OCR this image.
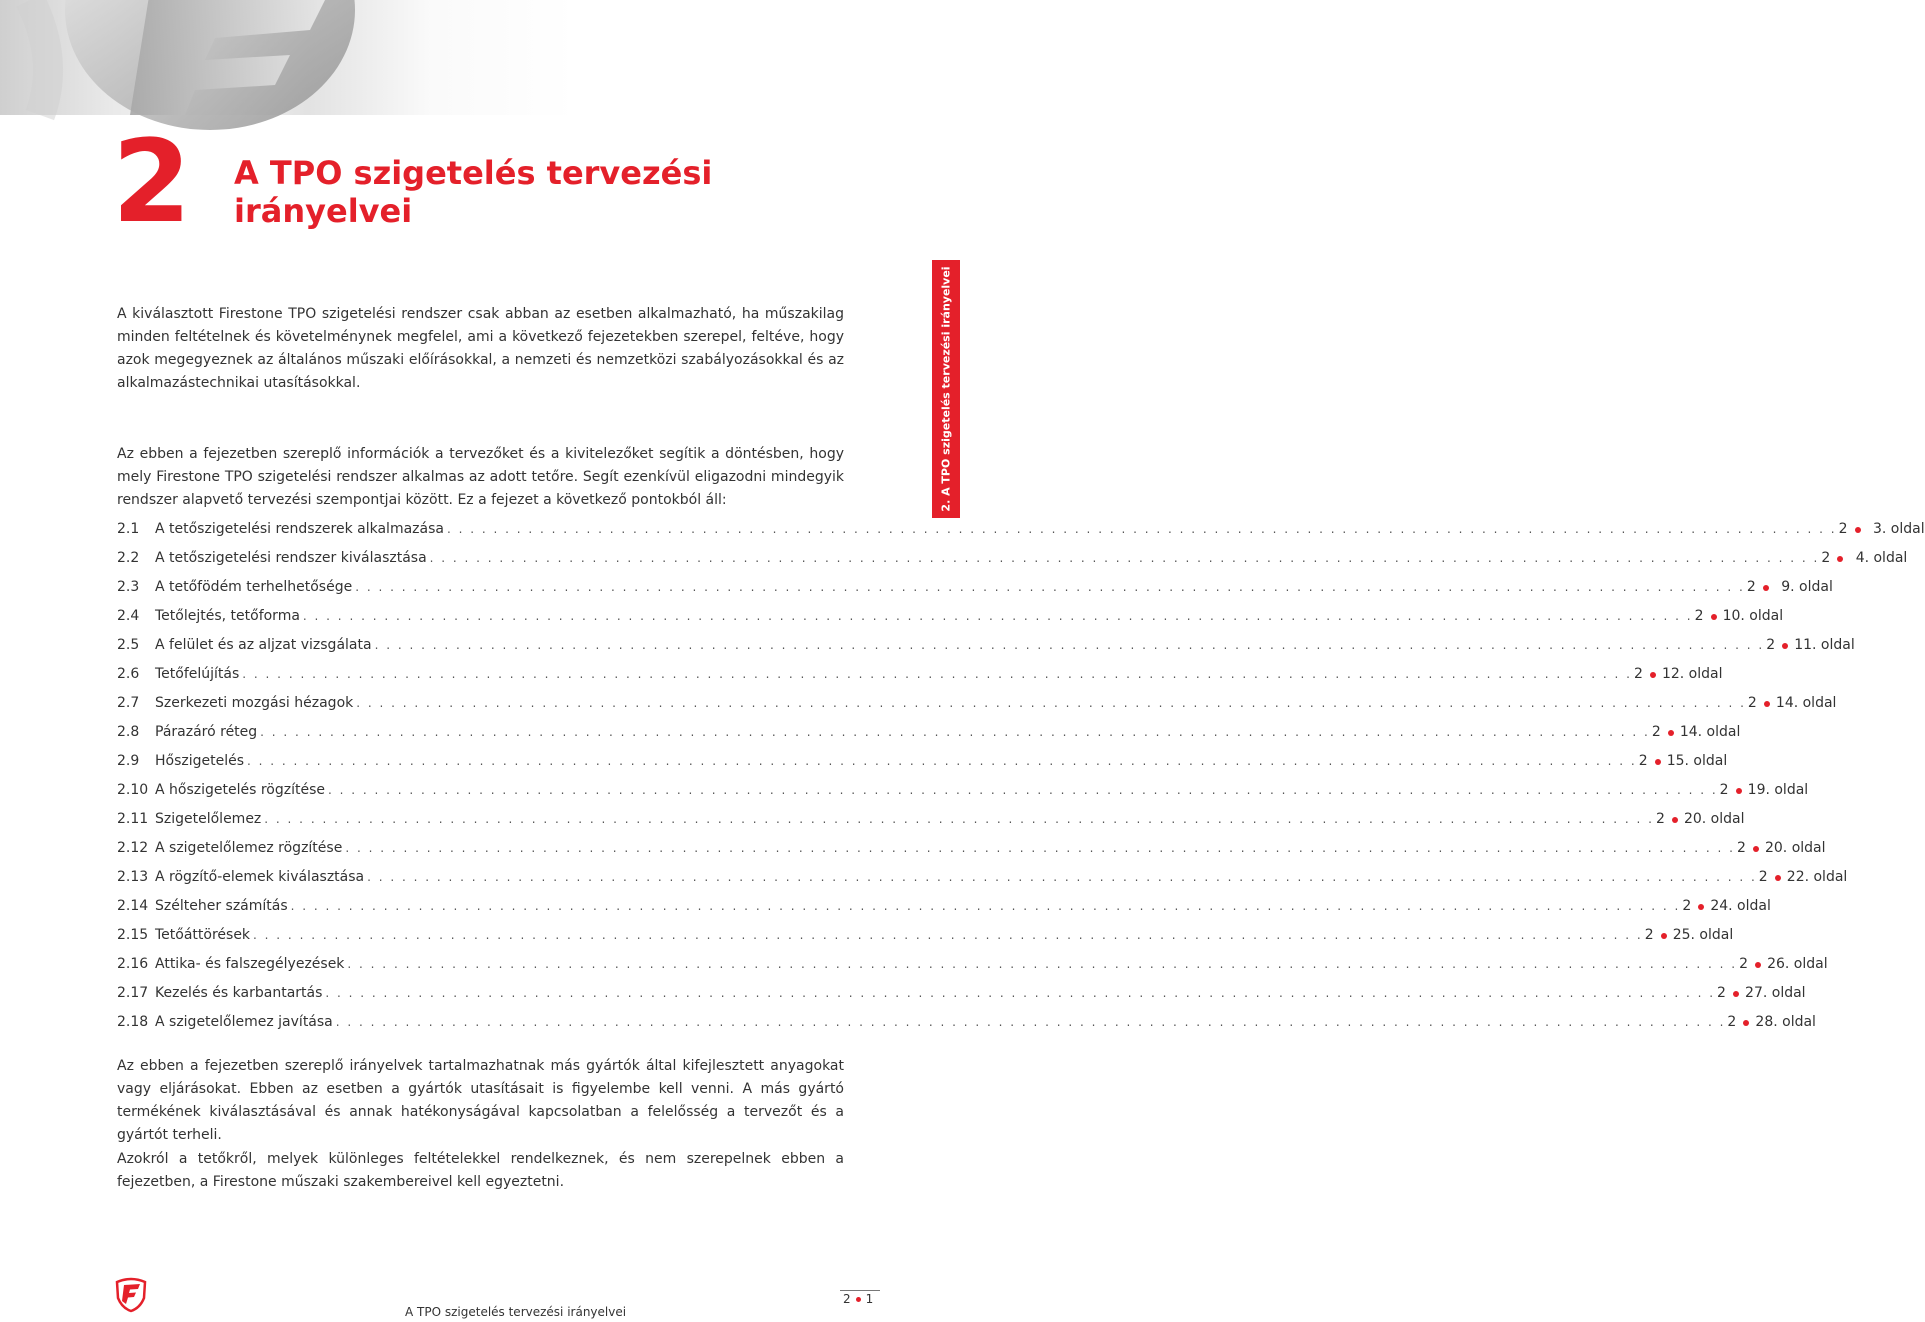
2 A TPO szigetelés tervezési irányelvei
2. A TPO szigetelés tervezési irányelvei
A kiválasztott Firestone TPO szigetelési rendszer csak abban az esetben alkalmazható, ha műszakilag minden feltételnek és követelménynek megfelel, ami a következő fejezetekben szerepel, feltéve, hogy azok megegyeznek az általános műszaki előírásokkal, a nemzeti és nemzetközi szabályozásokkal és az alkalmazástechnikai utasításokkal.
Az ebben a fejezetben szereplő információk a tervezőket és a kivitelezőket segítik a döntésben, hogy mely Firestone TPO szigetelési rendszer alkalmas az adott tetőre. Segít ezenkívül eligazodni mindegyik rendszer alapvető tervezési szempontjai között. Ez a fejezet a következő pontokból áll:
2.1	A tetőszigetelési rendszerek alkalmazása . . . . . . . . . . . . . . . . . . . . . . . . . . . . . . . . . . . . . . . . . . . . . . . . . . . . . . . . . . . . . . . . . . . . . . . . . . . . . . . . . . . . . . . . . . . . . . . . . . . . . . . . . . . . . . . . . . . . . . . . 2	3. oldal
2.2	A tetőszigetelési rendszer kiválasztása . . . . . . . . . . . . . . . . . . . . . . . . . . . . . . . . . . . . . . . . . . . . . . . . . . . . . . . . . . . . . . . . . . . . . . . . . . . . . . . . . . . . . . . . . . . . . . . . . . . . . . . . . . . . . . . . . . . . . . . . 2	4. oldal
2.3	A tetőfödém terhelhetősége . . . . . . . . . . . . . . . . . . . . . . . . . . . . . . . . . . . . . . . . . . . . . . . . . . . . . . . . . . . . . . . . . . . . . . . . . . . . . . . . . . . . . . . . . . . . . . . . . . . . . . . . . . . . . . . . . . . . . . . . 2	9. oldal
2.4	Tetőlejtés, tetőforma . . . . . . . . . . . . . . . . . . . . . . . . . . . . . . . . . . . . . . . . . . . . . . . . . . . . . . . . . . . . . . . . . . . . . . . . . . . . . . . . . . . . . . . . . . . . . . . . . . . . . . . . . . . . . . . . . . . . . . . . 2	10. oldal
2.5	A felület és az aljzat vizsgálata . . . . . . . . . . . . . . . . . . . . . . . . . . . . . . . . . . . . . . . . . . . . . . . . . . . . . . . . . . . . . . . . . . . . . . . . . . . . . . . . . . . . . . . . . . . . . . . . . . . . . . . . . . . . . . . . . . . . . . . . 2	11. oldal
2.6	Tetőfelújítás . . . . . . . . . . . . . . . . . . . . . . . . . . . . . . . . . . . . . . . . . . . . . . . . . . . . . . . . . . . . . . . . . . . . . . . . . . . . . . . . . . . . . . . . . . . . . . . . . . . . . . . . . . . . . . . . . . . . . . . . 2	12. oldal
2.7	Szerkezeti mozgási hézagok . . . . . . . . . . . . . . . . . . . . . . . . . . . . . . . . . . . . . . . . . . . . . . . . . . . . . . . . . . . . . . . . . . . . . . . . . . . . . . . . . . . . . . . . . . . . . . . . . . . . . . . . . . . . . . . . . . . . . . . . 2	14. oldal
2.8	Párazáró réteg . . . . . . . . . . . . . . . . . . . . . . . . . . . . . . . . . . . . . . . . . . . . . . . . . . . . . . . . . . . . . . . . . . . . . . . . . . . . . . . . . . . . . . . . . . . . . . . . . . . . . . . . . . . . . . . . . . . . . . . . 2	14. oldal
2.9	Hőszigetelés . . . . . . . . . . . . . . . . . . . . . . . . . . . . . . . . . . . . . . . . . . . . . . . . . . . . . . . . . . . . . . . . . . . . . . . . . . . . . . . . . . . . . . . . . . . . . . . . . . . . . . . . . . . . . . . . . . . . . . . . 2	15. oldal
2.10 A hőszigetelés rögzítése . . . . . . . . . . . . . . . . . . . . . . . . . . . . . . . . . . . . . . . . . . . . . . . . . . . . . . . . . . . . . . . . . . . . . . . . . . . . . . . . . . . . . . . . . . . . . . . . . . . . . . . . . . . . . . . . . . . . . . . . 2	19. oldal
2.11 Szigetelőlemez . . . . . . . . . . . . . . . . . . . . . . . . . . . . . . . . . . . . . . . . . . . . . . . . . . . . . . . . . . . . . . . . . . . . . . . . . . . . . . . . . . . . . . . . . . . . . . . . . . . . . . . . . . . . . . . . . . . . . . . . 2	20. oldal
2.12 A szigetelőlemez rögzítése . . . . . . . . . . . . . . . . . . . . . . . . . . . . . . . . . . . . . . . . . . . . . . . . . . . . . . . . . . . . . . . . . . . . . . . . . . . . . . . . . . . . . . . . . . . . . . . . . . . . . . . . . . . . . . . . . . . . . . . . 2	20. oldal
2.13 A rögzítő-elemek kiválasztása . . . . . . . . . . . . . . . . . . . . . . . . . . . . . . . . . . . . . . . . . . . . . . . . . . . . . . . . . . . . . . . . . . . . . . . . . . . . . . . . . . . . . . . . . . . . . . . . . . . . . . . . . . . . . . . . . . . . . . . . 2	22. oldal
2.14 Szélteher számítás . . . . . . . . . . . . . . . . . . . . . . . . . . . . . . . . . . . . . . . . . . . . . . . . . . . . . . . . . . . . . . . . . . . . . . . . . . . . . . . . . . . . . . . . . . . . . . . . . . . . . . . . . . . . . . . . . . . . . . . . 2	24. oldal
2.15 Tetőáttörések . . . . . . . . . . . . . . . . . . . . . . . . . . . . . . . . . . . . . . . . . . . . . . . . . . . . . . . . . . . . . . . . . . . . . . . . . . . . . . . . . . . . . . . . . . . . . . . . . . . . . . . . . . . . . . . . . . . . . . . . 2	25. oldal
2.16 Attika- és falszegélyezések . . . . . . . . . . . . . . . . . . . . . . . . . . . . . . . . . . . . . . . . . . . . . . . . . . . . . . . . . . . . . . . . . . . . . . . . . . . . . . . . . . . . . . . . . . . . . . . . . . . . . . . . . . . . . . . . . . . . . . . . 2	26. oldal
2.17 Kezelés és karbantartás . . . . . . . . . . . . . . . . . . . . . . . . . . . . . . . . . . . . . . . . . . . . . . . . . . . . . . . . . . . . . . . . . . . . . . . . . . . . . . . . . . . . . . . . . . . . . . . . . . . . . . . . . . . . . . . . . . . . . . . . 2	27. oldal
2.18 A szigetelőlemez javítása . . . . . . . . . . . . . . . . . . . . . . . . . . . . . . . . . . . . . . . . . . . . . . . . . . . . . . . . . . . . . . . . . . . . . . . . . . . . . . . . . . . . . . . . . . . . . . . . . . . . . . . . . . . . . . . . . . . . . . . . 2	28. oldal
Az ebben a fejezetben szereplő irányelvek tartalmazhatnak más gyártók által kifejlesztett anyagokat vagy eljárásokat. Ebben az esetben a gyártók utasításait is figyelembe kell venni. A más gyártó termékének kiválasztásával és annak hatékonyságával kapcsolatban a felelősség a tervezőt és a gyártót terheli.
Azokról a tetőkről, melyek különleges feltételekkel rendelkeznek, és nem szerepelnek ebben a fejezetben, a Firestone műszaki szakembereivel kell egyeztetni.
A TPO szigetelés tervezési irányelvei
2 1
